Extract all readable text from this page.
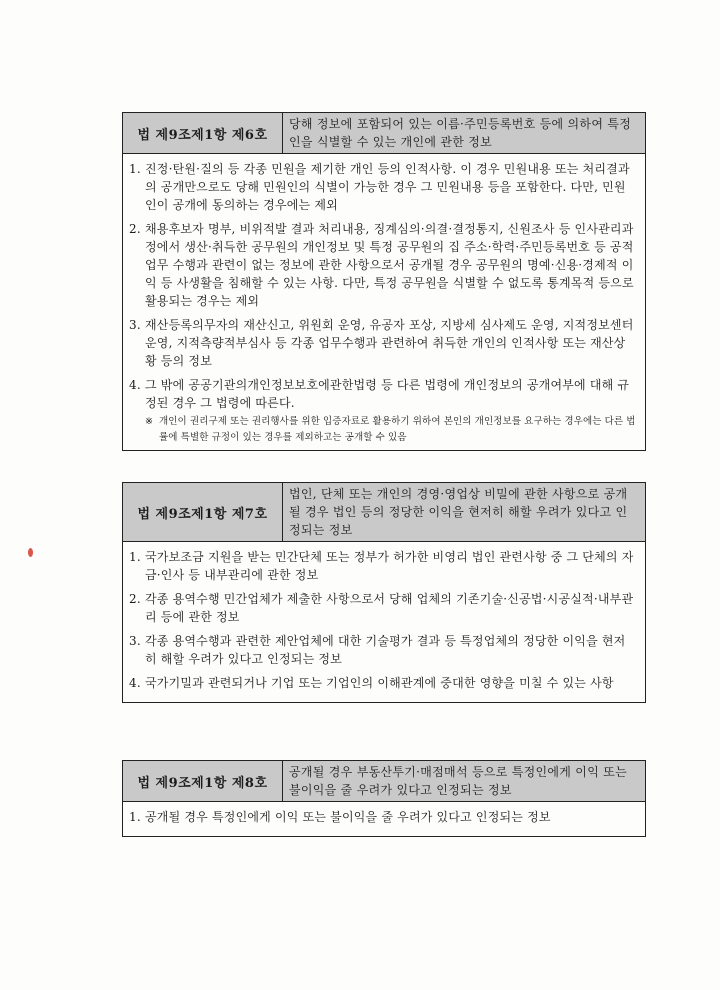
법 제9조제1항 제6호
당해 정보에 포함되어 있는 이름·주민등록번호 등에 의하여 특정인을 식별할 수 있는 개인에 관한 정보
1. 진정·탄원·질의 등 각종 민원을 제기한 개인 등의 인적사항. 이 경우 민원내용 또는 처리결과의 공개만으로도 당해 민원인의 식별이 가능한 경우 그 민원내용 등을 포함한다. 다만, 민원인이 공개에 동의하는 경우에는 제외
2. 채용후보자 명부, 비위적발 결과 처리내용, 징계심의·의결·결정통지, 신원조사 등 인사관리과정에서 생산·취득한 공무원의 개인정보 및 특정 공무원의 집 주소·학력·주민등록번호 등 공적 업무 수행과 관련이 없는 정보에 관한 사항으로서 공개될 경우 공무원의 명예·신용·경제적 이익 등 사생활을 침해할 수 있는 사항. 다만, 특정 공무원을 식별할 수 없도록 통계목적 등으로 활용되는 경우는 제외
3. 재산등록의무자의 재산신고, 위원회 운영, 유공자 포상, 지방세 심사제도 운영, 지적정보센터 운영, 지적측량적부심사 등 각종 업무수행과 관련하여 취득한 개인의 인적사항 또는 재산상황 등의 정보
4. 그 밖에 공공기관의개인정보보호에관한법령 등 다른 법령에 개인정보의 공개여부에 대해 규정된 경우 그 법령에 따른다.
※ 개인이 권리구제 또는 권리행사를 위한 입증자료로 활용하기 위하여 본인의 개인정보를 요구하는 경우에는 다른 법률에 특별한 규정이 있는 경우를 제외하고는 공개할 수 있음
법 제9조제1항 제7호
법인, 단체 또는 개인의 경영·영업상 비밀에 관한 사항으로 공개될 경우 법인 등의 정당한 이익을 현저히 해할 우려가 있다고 인정되는 정보
1. 국가보조금 지원을 받는 민간단체 또는 정부가 허가한 비영리 법인 관련사항 중 그 단체의 자금·인사 등 내부관리에 관한 정보
2. 각종 용역수행 민간업체가 제출한 사항으로서 당해 업체의 기존기술·신공법·시공실적·내부관리 등에 관한 정보
3. 각종 용역수행과 관련한 제안업체에 대한 기술평가 결과 등 특정업체의 정당한 이익을 현저히 해할 우려가 있다고 인정되는 정보
4. 국가기밀과 관련되거나 기업 또는 기업인의 이해관계에 중대한 영향을 미칠 수 있는 사항
법 제9조제1항 제8호
공개될 경우 부동산투기·매점매석 등으로 특정인에게 이익 또는 불이익을 줄 우려가 있다고 인정되는 정보
1. 공개될 경우 특정인에게 이익 또는 불이익을 줄 우려가 있다고 인정되는 정보
